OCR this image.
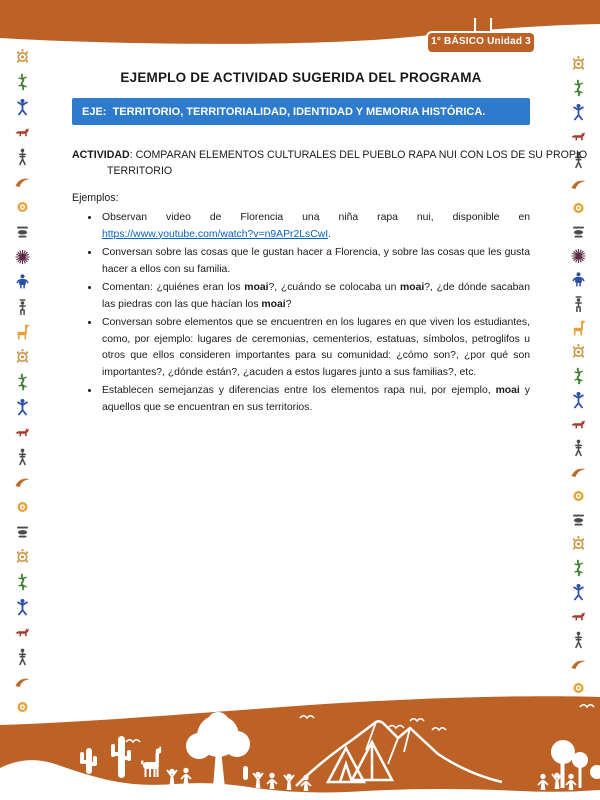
1° BÁSICO Unidad 3
EJEMPLO DE ACTIVIDAD SUGERIDA DEL PROGRAMA
EJE:  TERRITORIO, TERRITORIALIDAD, IDENTIDAD Y MEMORIA HISTÓRICA.
ACTIVIDAD: COMPARAN ELEMENTOS CULTURALES DEL PUEBLO RAPA NUI CON LOS DE SU PROPIO
TERRITORIO
Ejemplos:
• Observan video de Florencia una niña rapa nui, disponible en https://www.youtube.com/watch?v=n9APr2LsCwI.
• Conversan sobre las cosas que le gustan hacer a Florencia, y sobre las cosas que les gusta hacer a ellos con su familia.
• Comentan: ¿quiénes eran los moai?, ¿cuándo se colocaba un moai?, ¿de dónde sacaban las piedras con las que hacían los moai?
• Conversan sobre elementos que se encuentren en los lugares en que viven los estudiantes, como, por ejemplo: lugares de ceremonias, cementerios, estatuas, símbolos, petroglifos u otros que ellos consideren importantes para su comunidad: ¿cómo son?, ¿por qué son importantes?, ¿dónde están?, ¿acuden a estos lugares junto a sus familias?, etc.
• Establecen semejanzas y diferencias entre los elementos rapa nui, por ejemplo, moai y aquellos que se encuentran en sus territorios.
